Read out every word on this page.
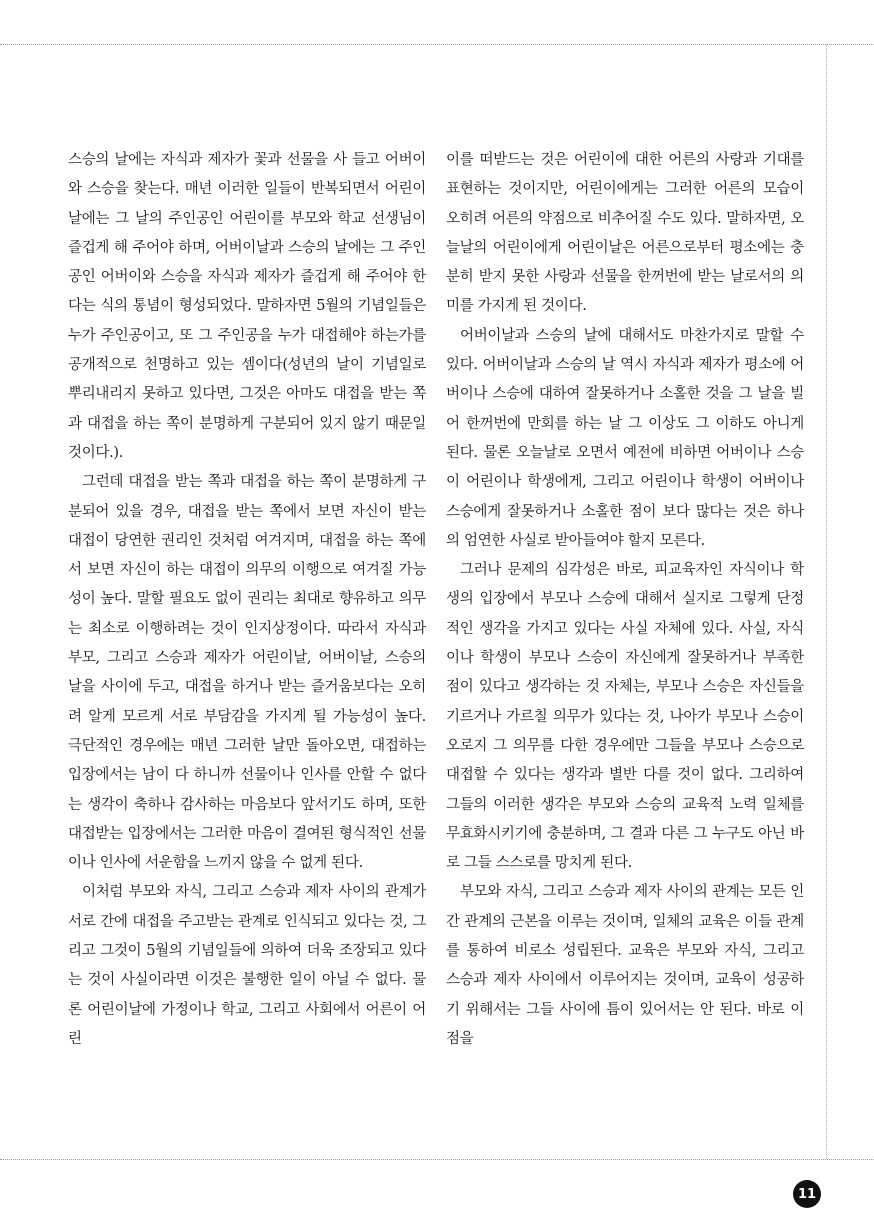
스승의 날에는 자식과 제자가 꽃과 선물을 사 들고 어버이와 스승을 찾는다. 매년 이러한 일들이 반복되면서 어린이날에는 그 날의 주인공인 어린이를 부모와 학교 선생님이 즐겁게 해 주어야 하며, 어버이날과 스승의 날에는 그 주인공인 어버이와 스승을 자식과 제자가 즐겁게 해 주어야 한다는 식의 통념이 형성되었다. 말하자면 5월의 기념일들은 누가 주인공이고, 또 그 주인공을 누가 대접해야 하는가를 공개적으로 천명하고 있는 셈이다(성년의 날이 기념일로 뿌리내리지 못하고 있다면, 그것은 아마도 대접을 받는 쪽과 대접을 하는 쪽이 분명하게 구분되어 있지 않기 때문일 것이다.).

그런데 대접을 받는 쪽과 대접을 하는 쪽이 분명하게 구분되어 있을 경우, 대접을 받는 쪽에서 보면 자신이 받는 대접이 당연한 권리인 것처럼 여겨지며, 대접을 하는 쪽에서 보면 자신이 하는 대접이 의무의 이행으로 여겨질 가능성이 높다. 말할 필요도 없이 권리는 최대로 향유하고 의무는 최소로 이행하려는 것이 인지상정이다. 따라서 자식과 부모, 그리고 스승과 제자가 어린이날, 어버이날, 스승의 날을 사이에 두고, 대접을 하거나 받는 즐거움보다는 오히려 알게 모르게 서로 부담감을 가지게 될 가능성이 높다. 극단적인 경우에는 매년 그러한 날만 돌아오면, 대접하는 입장에서는 남이 다 하니까 선물이나 인사를 안할 수 없다는 생각이 축하나 감사하는 마음보다 앞서기도 하며, 또한 대접받는 입장에서는 그러한 마음이 결여된 형식적인 선물이나 인사에 서운함을 느끼지 않을 수 없게 된다.

이처럼 부모와 자식, 그리고 스승과 제자 사이의 관계가 서로 간에 대접을 주고받는 관계로 인식되고 있다는 것, 그리고 그것이 5월의 기념일들에 의하여 더욱 조장되고 있다는 것이 사실이라면 이것은 불행한 일이 아닐 수 없다. 물론 어린이날에 가정이나 학교, 그리고 사회에서 어른이 어린

이를 떠받드는 것은 어린이에 대한 어른의 사랑과 기대를 표현하는 것이지만, 어린이에게는 그러한 어른의 모습이 오히려 어른의 약점으로 비추어질 수도 있다. 말하자면, 오늘날의 어린이에게 어린이날은 어른으로부터 평소에는 충분히 받지 못한 사랑과 선물을 한꺼번에 받는 날로서의 의미를 가지게 된 것이다.

어버이날과 스승의 날에 대해서도 마찬가지로 말할 수 있다. 어버이날과 스승의 날 역시 자식과 제자가 평소에 어버이나 스승에 대하여 잘못하거나 소홀한 것을 그 날을 빌어 한꺼번에 만회를 하는 날 그 이상도 그 이하도 아니게 된다. 물론 오늘날로 오면서 예전에 비하면 어버이나 스승이 어린이나 학생에게, 그리고 어린이나 학생이 어버이나 스승에게 잘못하거나 소홀한 점이 보다 많다는 것은 하나의 엄연한 사실로 받아들여야 할지 모른다.

그러나 문제의 심각성은 바로, 피교육자인 자식이나 학생의 입장에서 부모나 스승에 대해서 실지로 그렇게 단정적인 생각을 가지고 있다는 사실 자체에 있다. 사실, 자식이나 학생이 부모나 스승이 자신에게 잘못하거나 부족한 점이 있다고 생각하는 것 자체는, 부모나 스승은 자신들을 기르거나 가르칠 의무가 있다는 것, 나아가 부모나 스승이 오로지 그 의무를 다한 경우에만 그들을 부모나 스승으로 대접할 수 있다는 생각과 별반 다를 것이 없다. 그리하여 그들의 이러한 생각은 부모와 스승의 교육적 노력 일체를 무효화시키기에 충분하며, 그 결과 다른 그 누구도 아닌 바로 그들 스스로를 망치게 된다.

부모와 자식, 그리고 스승과 제자 사이의 관계는 모든 인간 관계의 근본을 이루는 것이며, 일체의 교육은 이들 관계를 통하여 비로소 성립된다. 교육은 부모와 자식, 그리고 스승과 제자 사이에서 이루어지는 것이며, 교육이 성공하기 위해서는 그들 사이에 틈이 있어서는 안 된다. 바로 이 점을

11
